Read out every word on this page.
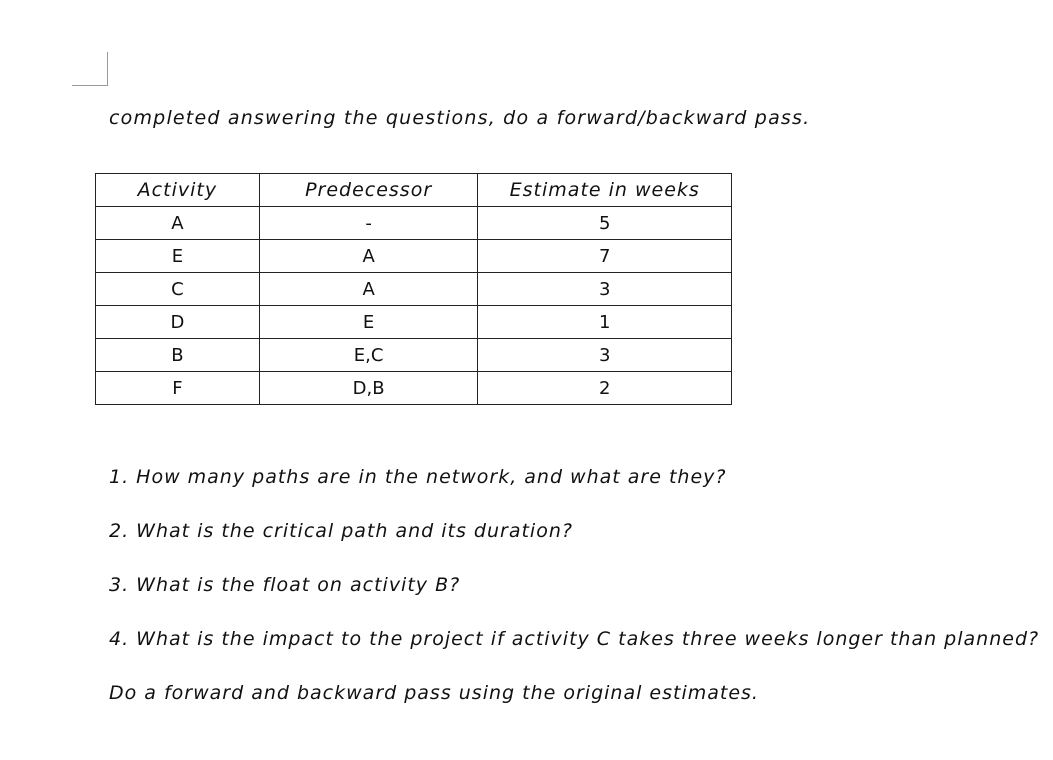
completed answering the questions, do a forward/backward pass.

Activity	Predecessor	Estimate in weeks
A	-	5
E	A	7
C	A	3
D	E	1
B	E,C	3
F	D,B	2
1. How many paths are in the network, and what are they?
2. What is the critical path and its duration?
3. What is the float on activity B?
4. What is the impact to the project if activity C takes three weeks longer than planned?
Do a forward and backward pass using the original estimates.
